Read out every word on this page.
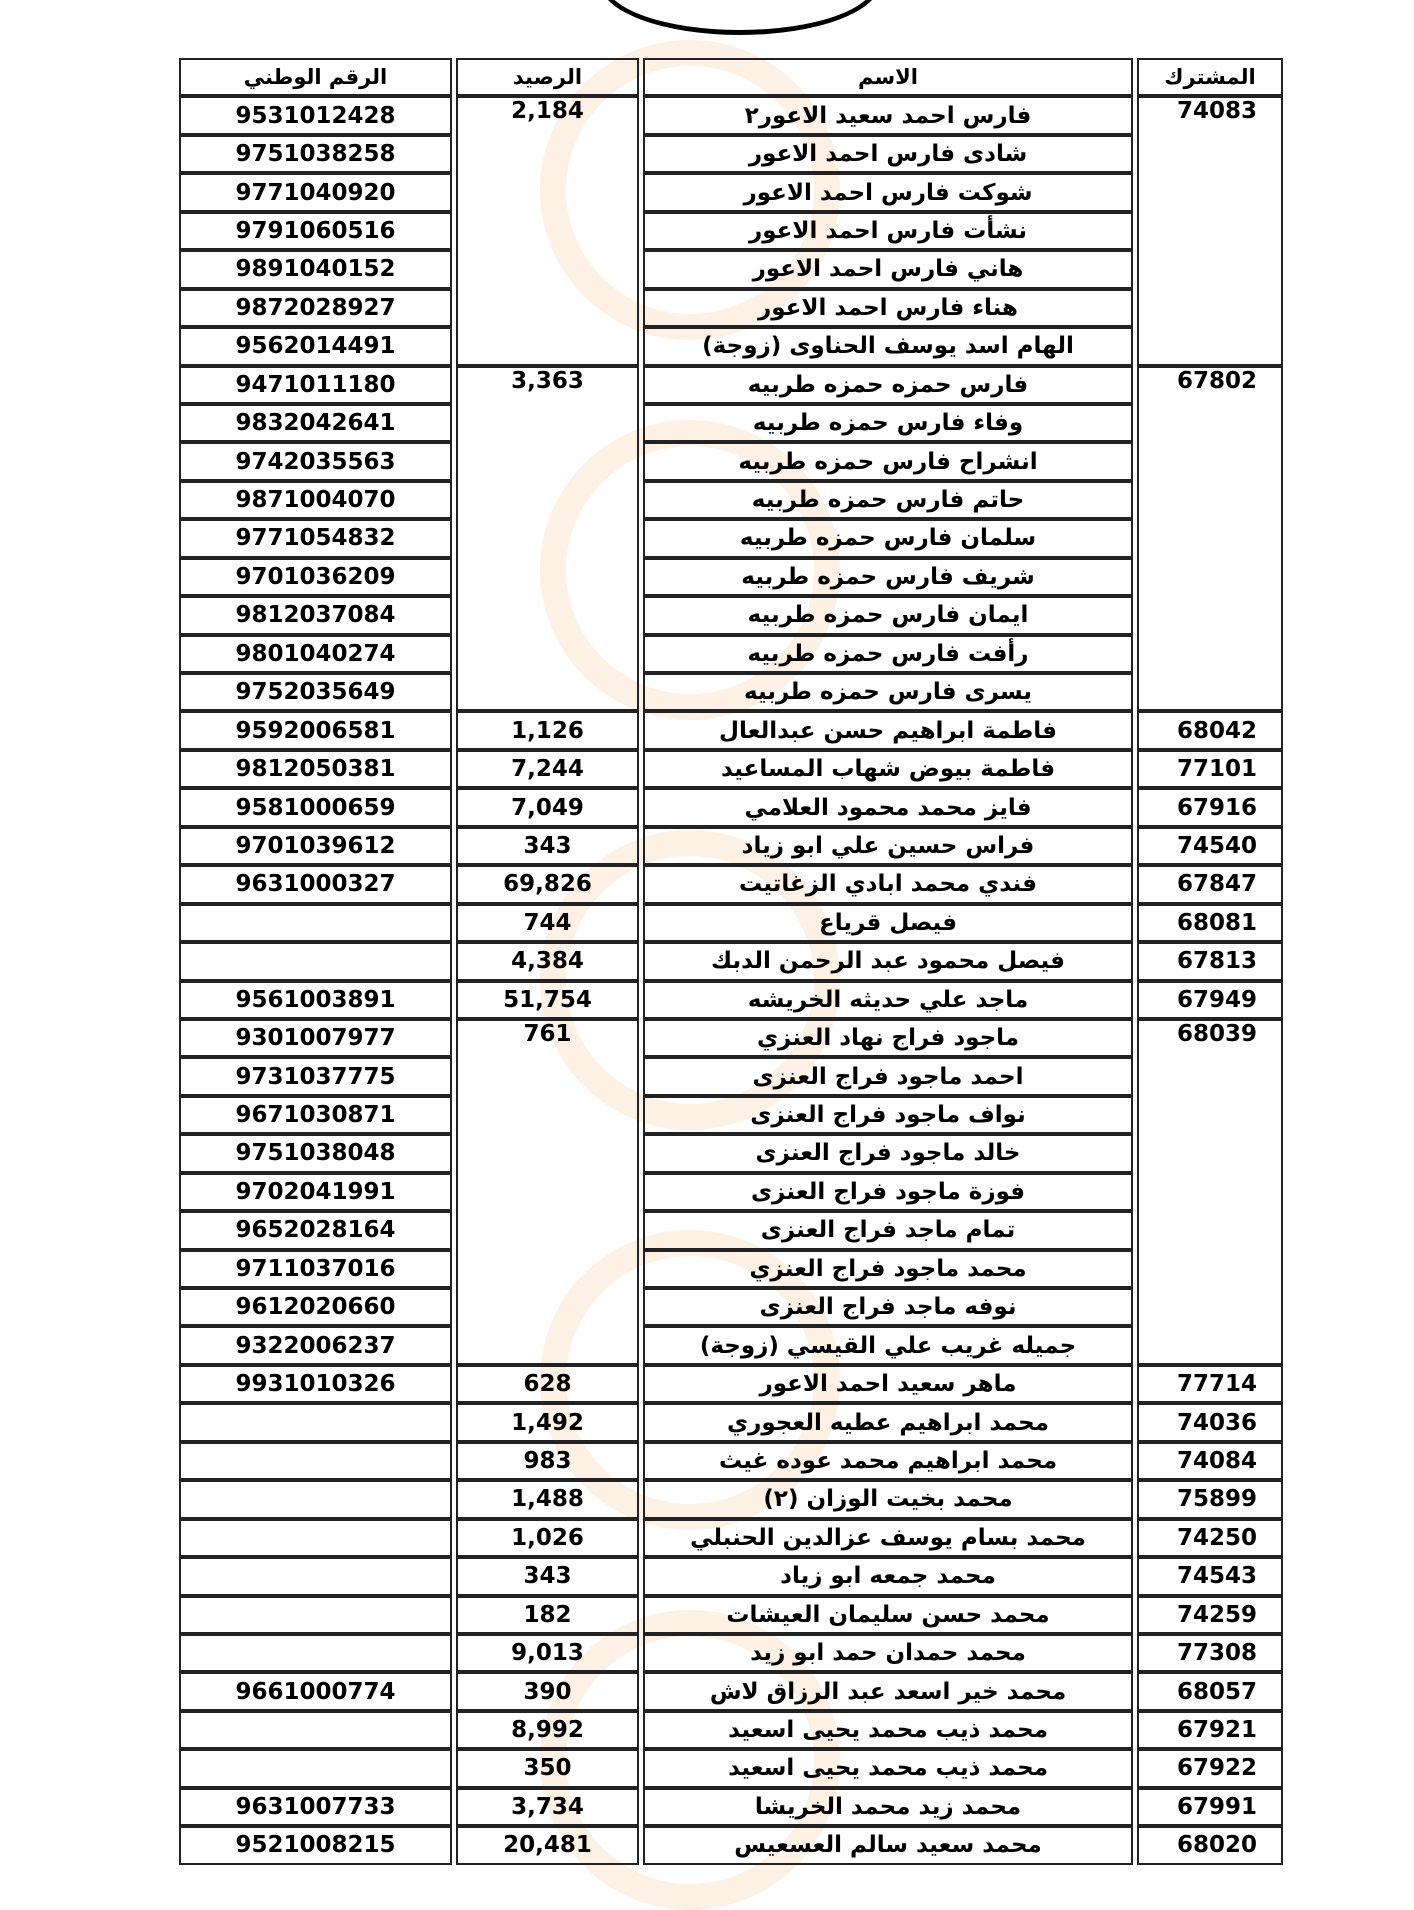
المشترك
الاسم
الرصيد
الرقم الوطني
74083
فارس احمد سعيد الاعور٢
2,184
9531012428
شادى فارس احمد الاعور
9751038258
شوكت فارس احمد الاعور
9771040920
نشأت فارس احمد الاعور
9791060516
هاني فارس احمد الاعور
9891040152
هناء فارس احمد الاعور
9872028927
الهام اسد يوسف الحناوى (زوجة)
9562014491
67802
فارس حمزه حمزه طربيه
3,363
9471011180
وفاء فارس حمزه طربيه
9832042641
انشراح فارس حمزه طربيه
9742035563
حاتم فارس حمزه طربيه
9871004070
سلمان فارس حمزه طربيه
9771054832
شريف فارس حمزه طربيه
9701036209
ايمان فارس حمزه طربيه
9812037084
رأفت فارس حمزه طربيه
9801040274
يسرى فارس حمزه طربيه
9752035649
68042
فاطمة ابراهيم حسن عبدالعال
1,126
9592006581
77101
فاطمة بيوض شهاب المساعيد
7,244
9812050381
67916
فايز محمد محمود العلامي
7,049
9581000659
74540
فراس حسين علي ابو زياد
343
9701039612
67847
فندي محمد ابادي الزغاتيت
69,826
9631000327
68081
فيصل قرياع
744
67813
فيصل محمود عبد الرحمن الدبك
4,384
67949
ماجد علي حديثه الخريشه
51,754
9561003891
68039
ماجود فراج نهاد العنزي
761
9301007977
احمد ماجود فراج العنزى
9731037775
نواف ماجود فراج العنزى
9671030871
خالد ماجود فراج العنزى
9751038048
فوزة ماجود فراج العنزى
9702041991
تمام ماجد فراج العنزى
9652028164
محمد ماجود فراج العنزي
9711037016
نوفه ماجد فراج العنزى
9612020660
جميله غريب علي القيسي (زوجة)
9322006237
77714
ماهر سعيد احمد الاعور
628
9931010326
74036
محمد ابراهيم عطيه العجوري
1,492
74084
محمد ابراهيم محمد عوده غيث
983
75899
محمد بخيت الوزان (٢)
1,488
74250
محمد بسام يوسف عزالدين الحنبلي
1,026
74543
محمد جمعه ابو زياد
343
74259
محمد حسن سليمان العيشات
182
77308
محمد حمدان حمد ابو زيد
9,013
68057
محمد خير اسعد عبد الرزاق لاش
390
9661000774
67921
محمد ذيب محمد يحيى اسعيد
8,992
67922
محمد ذيب محمد يحيى اسعيد
350
67991
محمد زيد محمد الخريشا
3,734
9631007733
68020
محمد سعيد سالم العسعيس
20,481
9521008215
